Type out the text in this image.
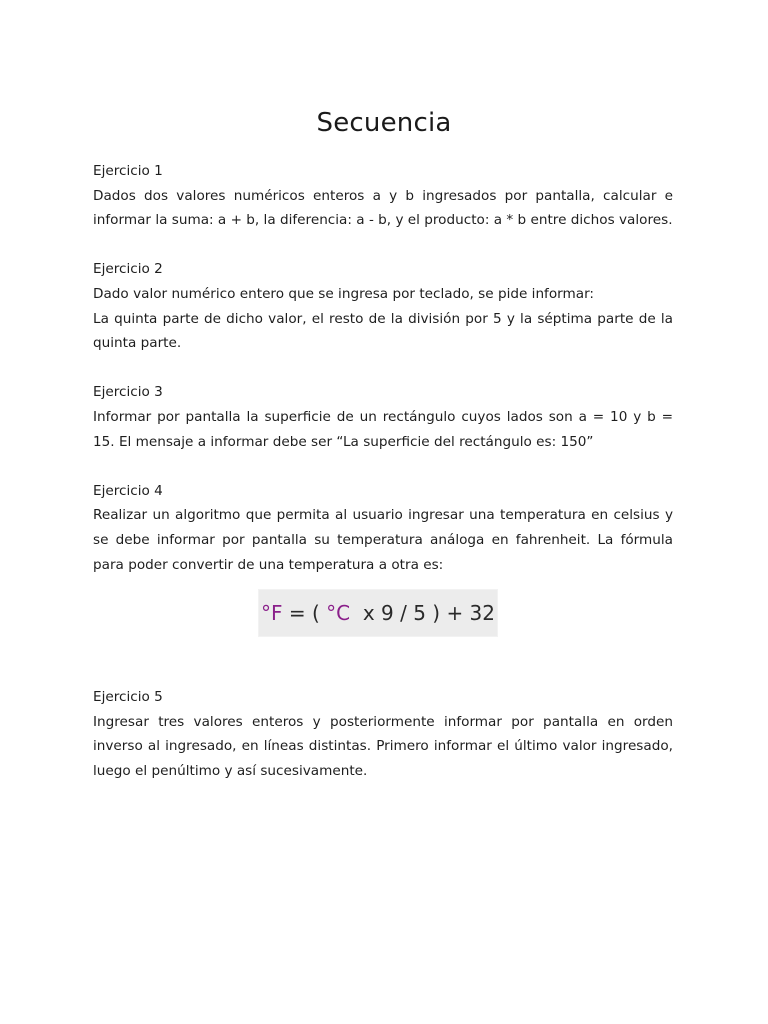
Secuencia

Ejercicio 1

Dados dos valores numéricos enteros a y b ingresados por pantalla, calcular e informar la suma: a + b, la diferencia: a - b, y el producto: a * b entre dichos valores.

Ejercicio 2

Dado valor numérico entero que se ingresa por teclado, se pide informar:

La quinta parte de dicho valor, el resto de la división por 5 y la séptima parte de la quinta parte.

Ejercicio 3

Informar por pantalla la superficie de un rectángulo cuyos lados son a = 10 y b = 15. El mensaje a informar debe ser “La superficie del rectángulo es: 150”

Ejercicio 4

Realizar un algoritmo que permita al usuario ingresar una temperatura en celsius y se debe informar por pantalla su temperatura análoga en fahrenheit. La fórmula para poder convertir de una temperatura a otra es:

°F = ( °C x 9 / 5 ) + 32

Ejercicio 5

Ingresar tres valores enteros y posteriormente informar por pantalla en orden inverso al ingresado, en líneas distintas. Primero informar el último valor ingresado, luego el penúltimo y así sucesivamente.
